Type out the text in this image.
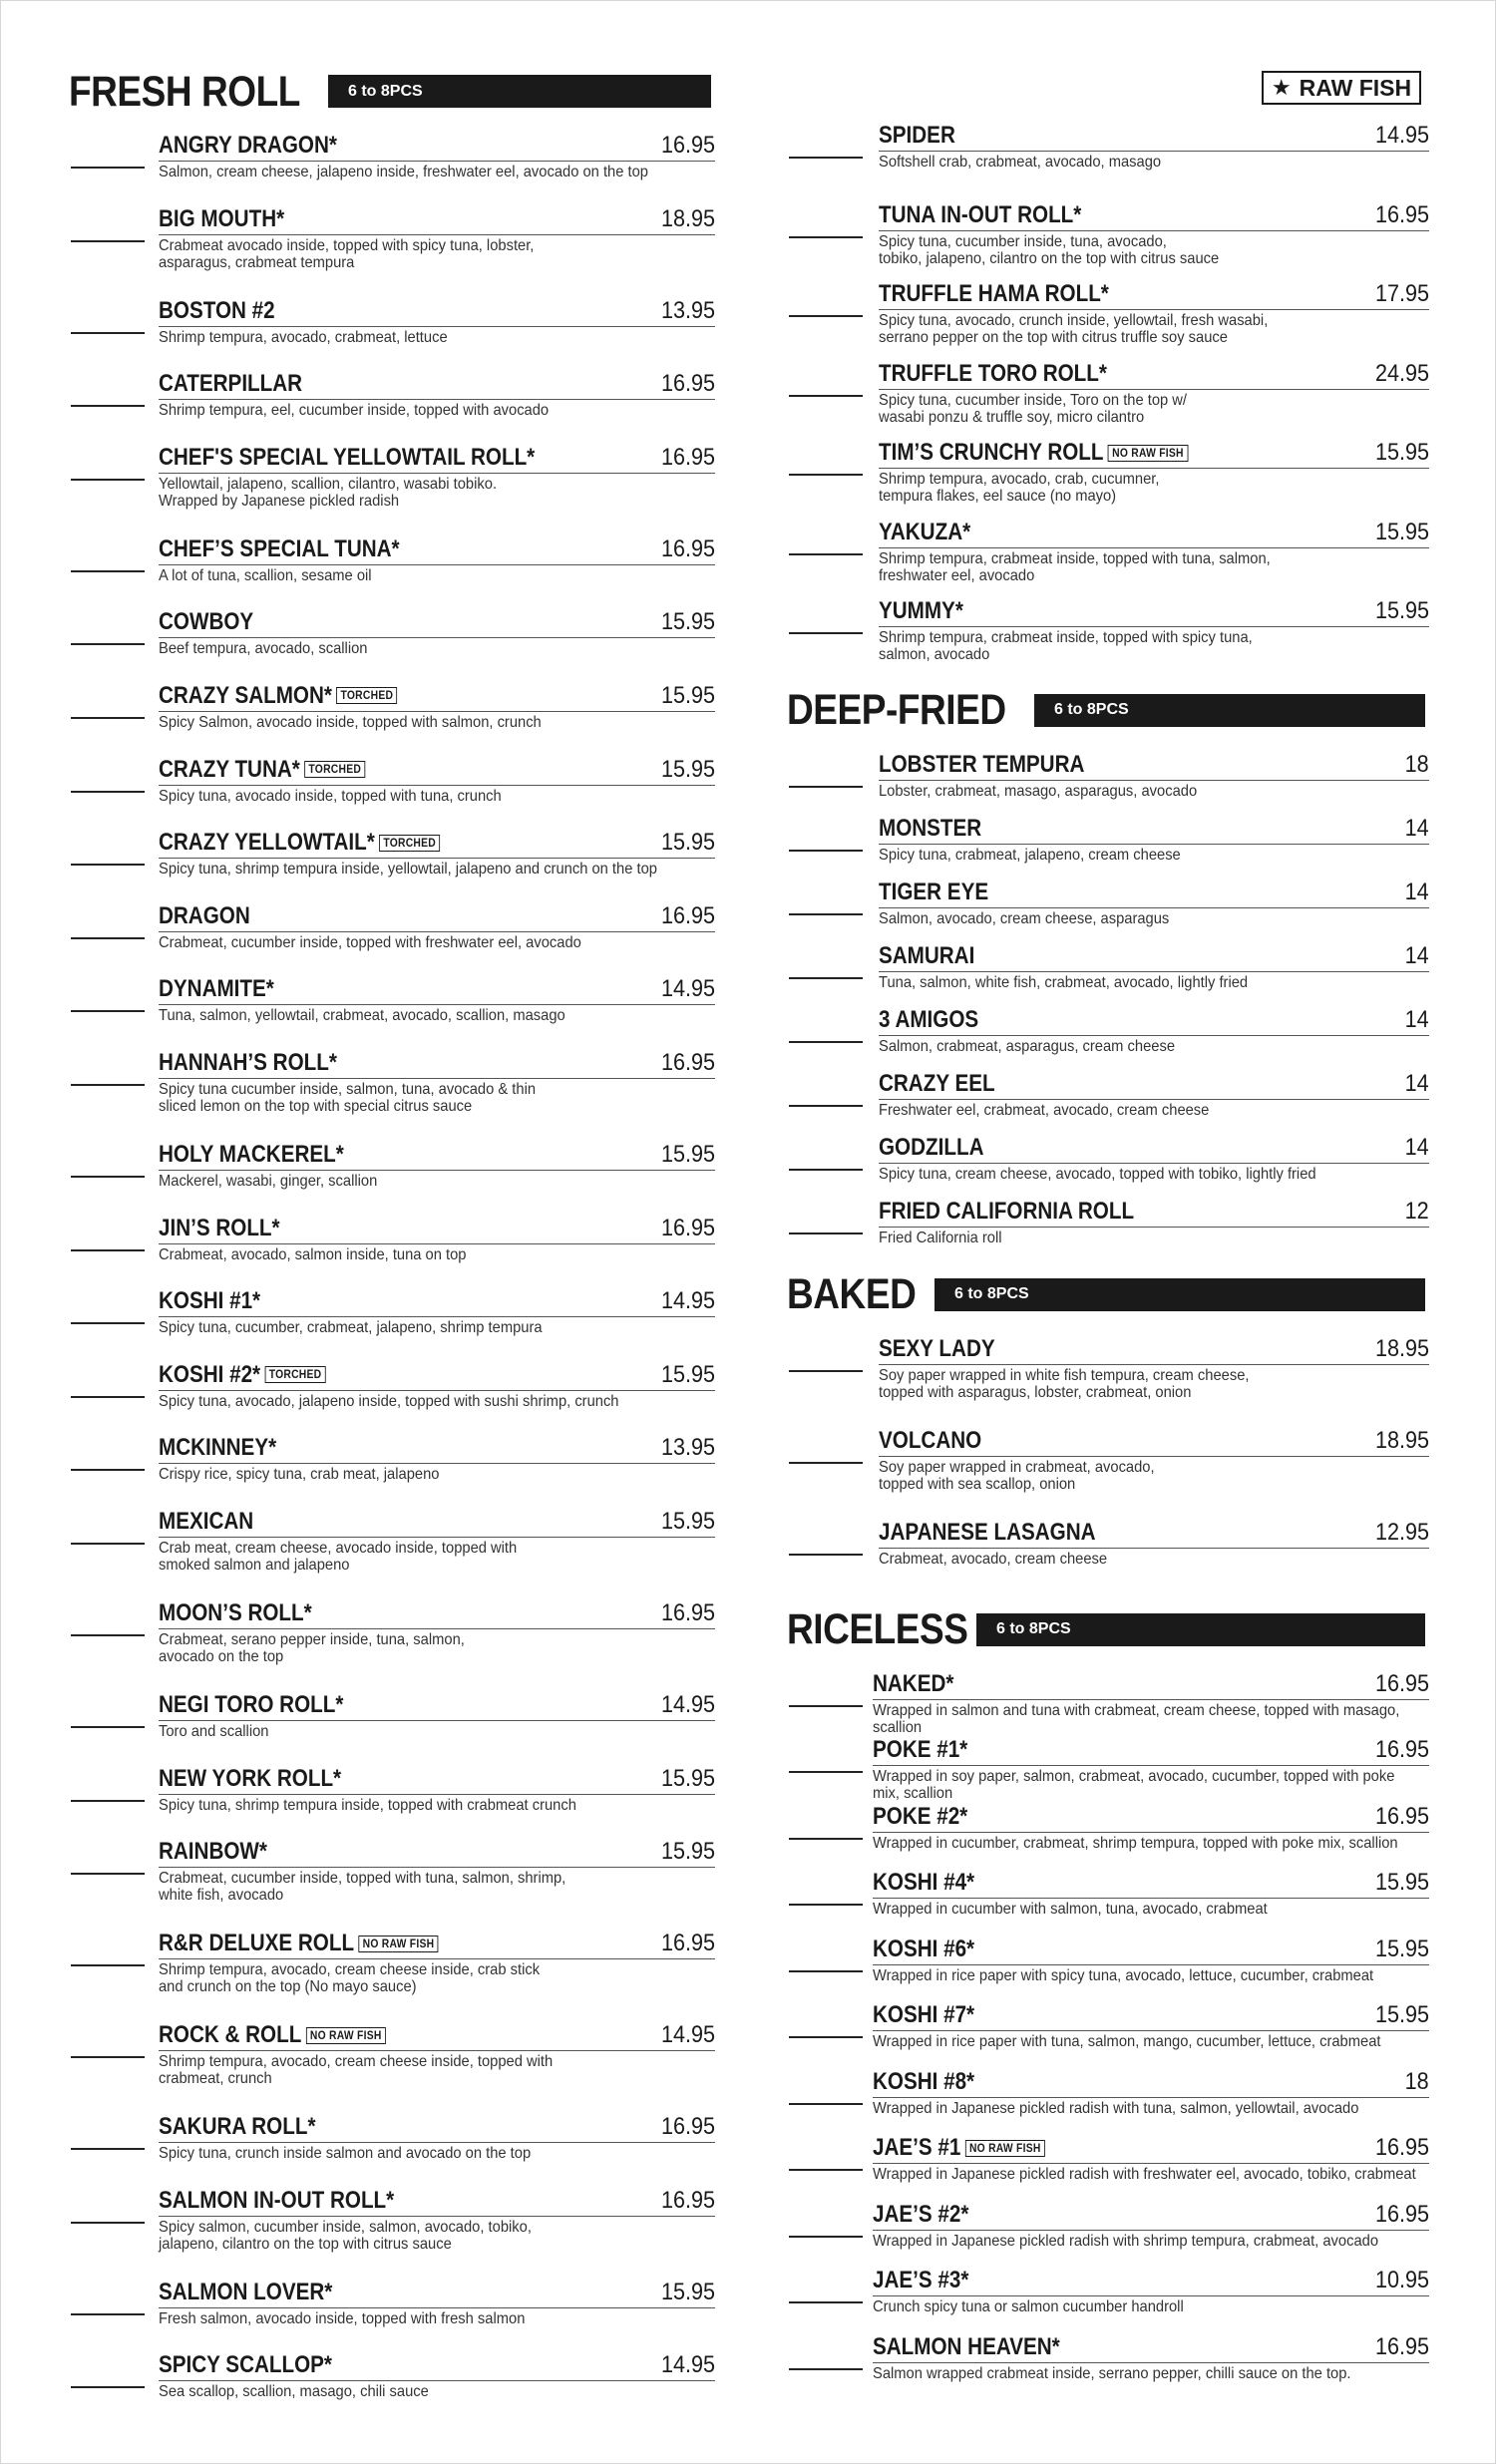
FRESH ROLL	6 to 8PCS
ANGRY DRAGON*	16.95
Salmon, cream cheese, jalapeno inside, freshwater eel, avocado on the top
BIG MOUTH*	18.95
Crabmeat avocado inside, topped with spicy tuna, lobster,
asparagus, crabmeat tempura
BOSTON #2	13.95
Shrimp tempura, avocado, crabmeat, lettuce
CATERPILLAR	16.95
Shrimp tempura, eel, cucumber inside, topped with avocado
CHEF'S SPECIAL YELLOWTAIL ROLL*	16.95
Yellowtail, jalapeno, scallion, cilantro, wasabi tobiko.
Wrapped by Japanese pickled radish
CHEF’S SPECIAL TUNA*	16.95
A lot of tuna, scallion, sesame oil
COWBOY	15.95
Beef tempura, avocado, scallion
CRAZY SALMON* TORCHED	15.95
Spicy Salmon, avocado inside, topped with salmon, crunch
CRAZY TUNA* TORCHED	15.95
Spicy tuna, avocado inside, topped with tuna, crunch
CRAZY YELLOWTAIL* TORCHED	15.95
Spicy tuna, shrimp tempura inside, yellowtail, jalapeno and crunch on the top
DRAGON	16.95
Crabmeat, cucumber inside, topped with freshwater eel, avocado
DYNAMITE*	14.95
Tuna, salmon, yellowtail, crabmeat, avocado, scallion, masago
HANNAH’S ROLL*	16.95
Spicy tuna cucumber inside, salmon, tuna, avocado & thin
sliced lemon on the top with special citrus sauce
HOLY MACKEREL*	15.95
Mackerel, wasabi, ginger, scallion
JIN’S ROLL*	16.95
Crabmeat, avocado, salmon inside, tuna on top
KOSHI #1*	14.95
Spicy tuna, cucumber, crabmeat, jalapeno, shrimp tempura
KOSHI #2* TORCHED	15.95
Spicy tuna, avocado, jalapeno inside, topped with sushi shrimp, crunch
MCKINNEY*	13.95
Crispy rice, spicy tuna, crab meat, jalapeno
MEXICAN	15.95
Crab meat, cream cheese, avocado inside, topped with
smoked salmon and jalapeno
MOON’S ROLL*	16.95
Crabmeat, serano pepper inside, tuna, salmon,
avocado on the top
NEGI TORO ROLL*	14.95
Toro and scallion
NEW YORK ROLL*	15.95
Spicy tuna, shrimp tempura inside, topped with crabmeat crunch
RAINBOW*	15.95
Crabmeat, cucumber inside, topped with tuna, salmon, shrimp,
white fish, avocado
R&R DELUXE ROLL NO RAW FISH	16.95
Shrimp tempura, avocado, cream cheese inside, crab stick
and crunch on the top (No mayo sauce)
ROCK & ROLL NO RAW FISH	14.95
Shrimp tempura, avocado, cream cheese inside, topped with
crabmeat, crunch
SAKURA ROLL*	16.95
Spicy tuna, crunch inside salmon and avocado on the top
SALMON IN-OUT ROLL*	16.95
Spicy salmon, cucumber inside, salmon, avocado, tobiko,
jalapeno, cilantro on the top with citrus sauce
SALMON LOVER*	15.95
Fresh salmon, avocado inside, topped with fresh salmon
SPICY SCALLOP*	14.95
Sea scallop, scallion, masago, chili sauce
★ RAW FISH
SPIDER	14.95
Softshell crab, crabmeat, avocado, masago
TUNA IN-OUT ROLL*	16.95
Spicy tuna, cucumber inside, tuna, avocado,
tobiko, jalapeno, cilantro on the top with citrus sauce
TRUFFLE HAMA ROLL*	17.95
Spicy tuna, avocado, crunch inside, yellowtail, fresh wasabi,
serrano pepper on the top with citrus truffle soy sauce
TRUFFLE TORO ROLL*	24.95
Spicy tuna, cucumber inside, Toro on the top w/
wasabi ponzu & truffle soy, micro cilantro
TIM’S CRUNCHY ROLL NO RAW FISH	15.95
Shrimp tempura, avocado, crab, cucumner,
tempura flakes, eel sauce (no mayo)
YAKUZA*	15.95
Shrimp tempura, crabmeat inside, topped with tuna, salmon,
freshwater eel, avocado
YUMMY*	15.95
Shrimp tempura, crabmeat inside, topped with spicy tuna,
salmon, avocado
DEEP-FRIED	6 to 8PCS
LOBSTER TEMPURA	18
Lobster, crabmeat, masago, asparagus, avocado
MONSTER	14
Spicy tuna, crabmeat, jalapeno, cream cheese
TIGER EYE	14
Salmon, avocado, cream cheese, asparagus
SAMURAI	14
Tuna, salmon, white fish, crabmeat, avocado, lightly fried
3 AMIGOS	14
Salmon, crabmeat, asparagus, cream cheese
CRAZY EEL	14
Freshwater eel, crabmeat, avocado, cream cheese
GODZILLA	14
Spicy tuna, cream cheese, avocado, topped with tobiko, lightly fried
FRIED CALIFORNIA ROLL	12
Fried California roll
BAKED	6 to 8PCS
SEXY LADY	18.95
Soy paper wrapped in white fish tempura, cream cheese,
topped with asparagus, lobster, crabmeat, onion
VOLCANO	18.95
Soy paper wrapped in crabmeat, avocado,
topped with sea scallop, onion
JAPANESE LASAGNA	12.95
Crabmeat, avocado, cream cheese
RICELESS	6 to 8PCS
NAKED*	16.95
Wrapped in salmon and tuna with crabmeat, cream cheese, topped with masago, scallion
POKE #1*	16.95
Wrapped in soy paper, salmon, crabmeat, avocado, cucumber, topped with poke mix, scallion
POKE #2*	16.95
Wrapped in cucumber, crabmeat, shrimp tempura, topped with poke mix, scallion
KOSHI #4*	15.95
Wrapped in cucumber with salmon, tuna, avocado, crabmeat
KOSHI #6*	15.95
Wrapped in rice paper with spicy tuna, avocado, lettuce, cucumber, crabmeat
KOSHI #7*	15.95
Wrapped in rice paper with tuna, salmon, mango, cucumber, lettuce, crabmeat
KOSHI #8*	18
Wrapped in Japanese pickled radish with tuna, salmon, yellowtail, avocado
JAE’S #1 NO RAW FISH	16.95
Wrapped in Japanese pickled radish with freshwater eel, avocado, tobiko, crabmeat
JAE’S #2*	16.95
Wrapped in Japanese pickled radish with shrimp tempura, crabmeat, avocado
JAE’S #3*	10.95
Crunch spicy tuna or salmon cucumber handroll
SALMON HEAVEN*	16.95
Salmon wrapped crabmeat inside, serrano pepper, chilli sauce on the top.
